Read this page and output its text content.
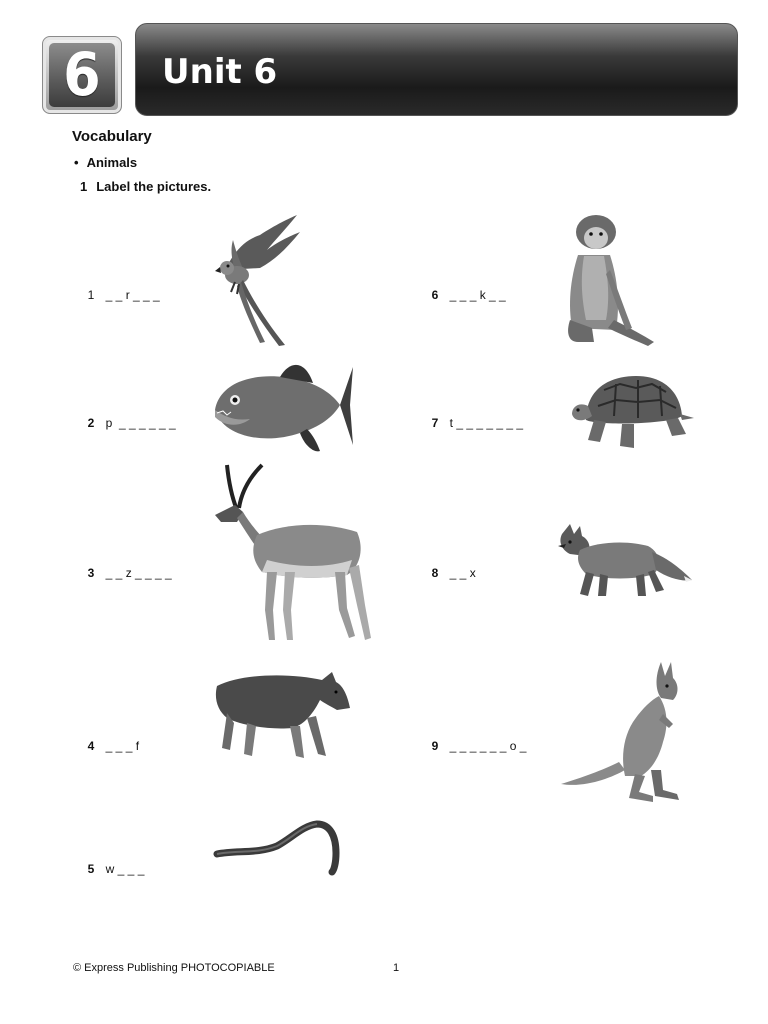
6 Unit 6
Vocabulary
• Animals
1 Label the pictures.

1 _ _ r _ _ _

2 p  _ _ _ _ _ _

3 _ _ z _ _ _ _

4 _ _ _ f

5 w _ _ _

6 _ _ _ k _ _

7 t _ _ _ _ _ _ _

8 _ _ x

9 _ _ _ _ _ _ o _

© Express Publishing PHOTOCOPIABLE	1
